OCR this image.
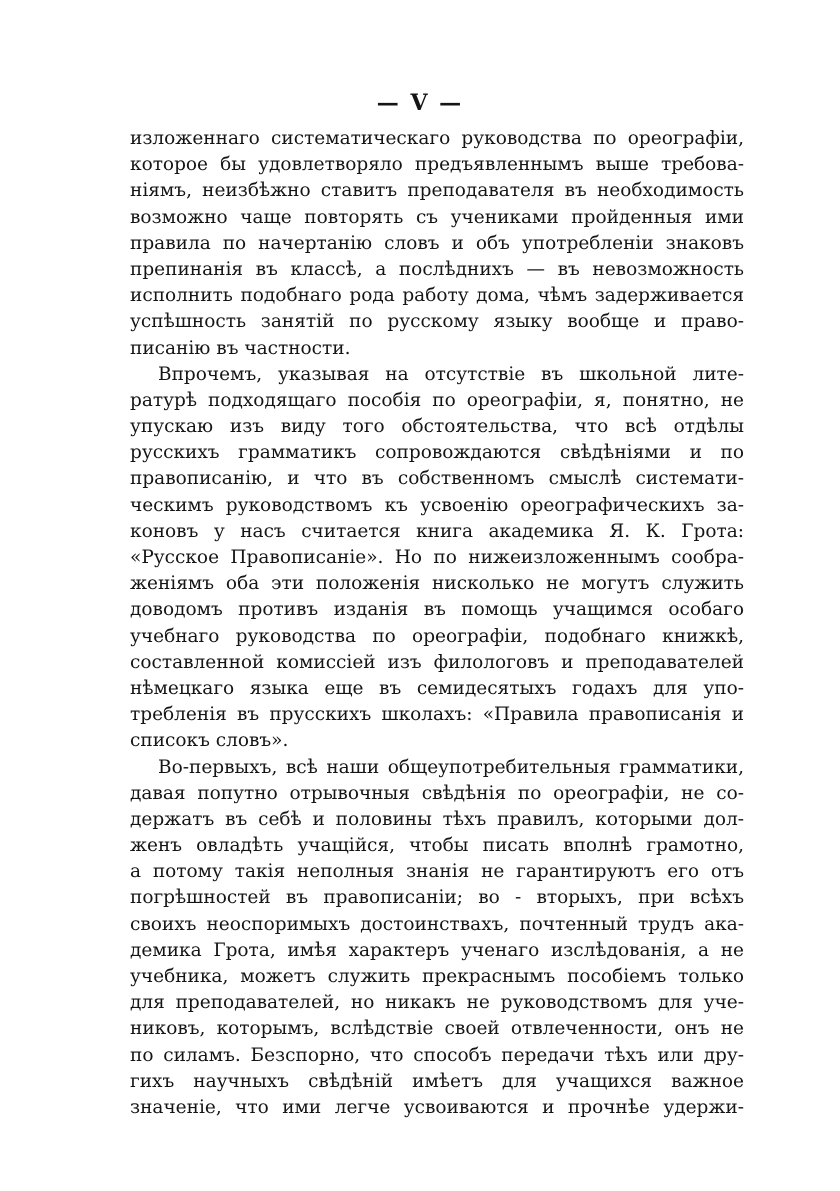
— V —
изложеннаго систематическаго руководства по ореографіи,
которое бы удовлетворяло предъявленнымъ выше требова-
ніямъ, неизбѣжно ставитъ преподавателя въ необходимость
возможно чаще повторять съ учениками пройденныя ими
правила по начертанію словъ и объ употребленіи знаковъ
препинанія въ классѣ, а послѣднихъ — въ невозможность
исполнить подобнаго рода работу дома, чѣмъ задерживается
успѣшность занятій по русскому языку вообще и право-
писанію въ частности.
Впрочемъ, указывая на отсутствіе въ школьной лите-
ратурѣ подходящаго пособія по ореографіи, я, понятно, не
упускаю изъ виду того обстоятельства, что всѣ отдѣлы
русскихъ грамматикъ сопровождаются свѣдѣніями и по
правописанію, и что въ собственномъ смыслѣ системати-
ческимъ руководствомъ къ усвоенію ореографическихъ за-
коновъ у насъ считается книга академика Я. К. Грота:
«Русское Правописаніе». Но по нижеизложеннымъ сообра-
женіямъ оба эти положенія нисколько не могутъ служить
доводомъ противъ изданія въ помощь учащимся особаго
учебнаго руководства по ореографіи, подобнаго книжкѣ,
составленной комиссіей изъ филологовъ и преподавателей
нѣмецкаго языка еще въ семидесятыхъ годахъ для упо-
требленія въ прусскихъ школахъ: «Правила правописанія и
списокъ словъ».
Во-первыхъ, всѣ наши общеупотребительныя грамматики,
давая попутно отрывочныя свѣдѣнія по ореографіи, не со-
держатъ въ себѣ и половины тѣхъ правилъ, которыми дол-
женъ овладѣть учащійся, чтобы писать вполнѣ грамотно,
а потому такія неполныя знанія не гарантируютъ его отъ
погрѣшностей въ правописаніи; во - вторыхъ, при всѣхъ
своихъ неоспоримыхъ достоинствахъ, почтенный трудъ ака-
демика Грота, имѣя характеръ ученаго изслѣдованія, а не
учебника, можетъ служить прекраснымъ пособіемъ только
для преподавателей, но никакъ не руководствомъ для уче-
никовъ, которымъ, вслѣдствіе своей отвлеченности, онъ не
по силамъ. Безспорно, что способъ передачи тѣхъ или дру-
гихъ научныхъ свѣдѣній имѣетъ для учащихся важное
значеніе, что ими легче усвоиваются и прочнѣе удержи-
